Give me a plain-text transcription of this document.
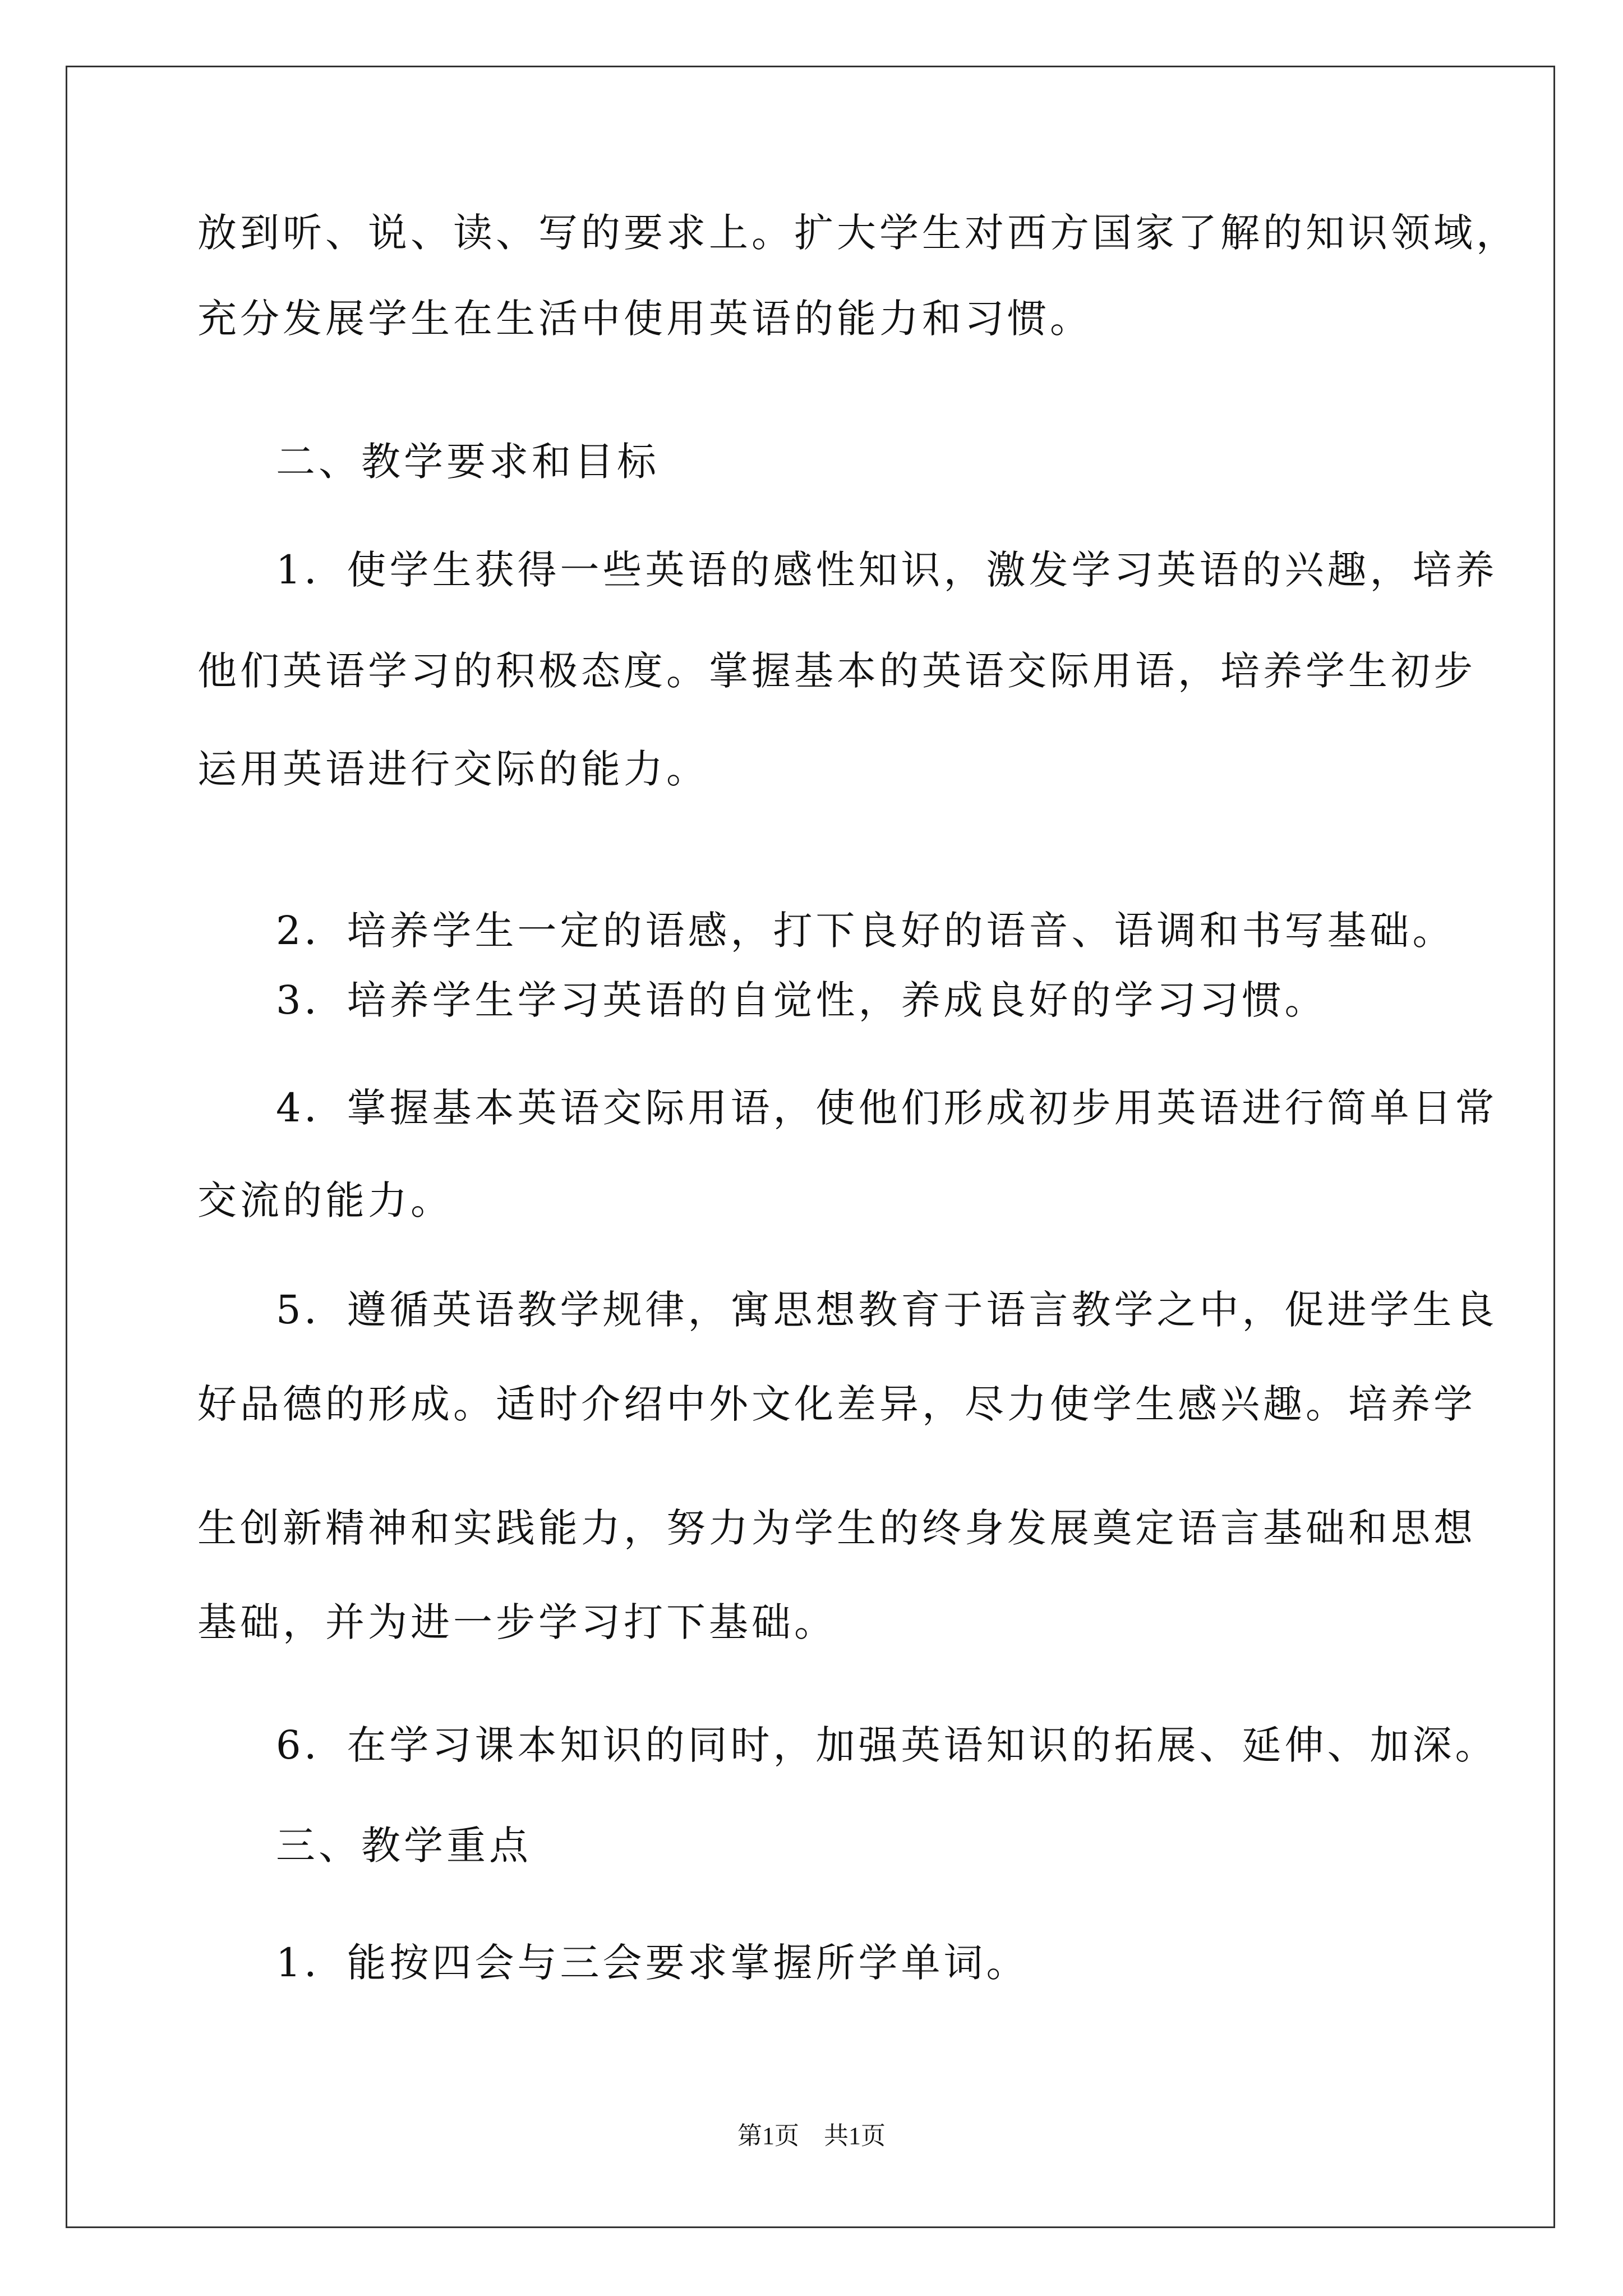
放到听、说、读、写的要求上。扩大学生对西方国家了解的知识领域，
充分发展学生在生活中使用英语的能力和习惯。
二、教学要求和目标
1．使学生获得一些英语的感性知识，激发学习英语的兴趣，培养
他们英语学习的积极态度。掌握基本的英语交际用语，培养学生初步
运用英语进行交际的能力。
2．培养学生一定的语感，打下良好的语音、语调和书写基础。
3．培养学生学习英语的自觉性，养成良好的学习习惯。
4．掌握基本英语交际用语，使他们形成初步用英语进行简单日常
交流的能力。
5．遵循英语教学规律，寓思想教育于语言教学之中，促进学生良
好品德的形成。适时介绍中外文化差异，尽力使学生感兴趣。培养学
生创新精神和实践能力，努力为学生的终身发展奠定语言基础和思想
基础，并为进一步学习打下基础。
6．在学习课本知识的同时，加强英语知识的拓展、延伸、加深。
三、教学重点
1．能按四会与三会要求掌握所学单词。
第1页　共1页
